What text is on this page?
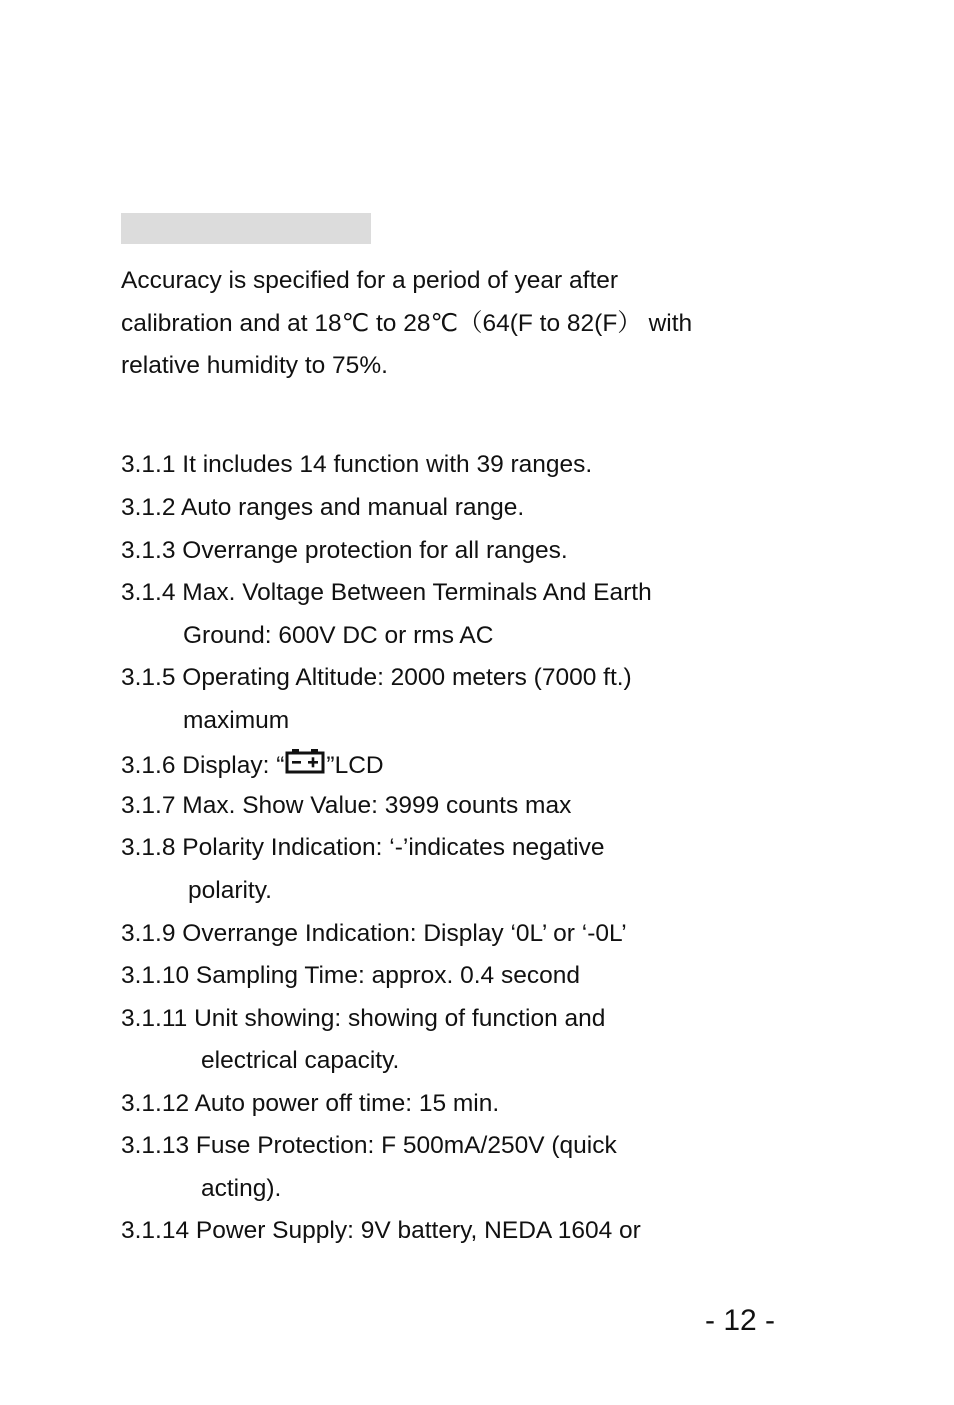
Accuracy is specified for a period of year after
calibration and at 18℃ to 28℃（64(F to 82(F） with
relative humidity to 75%.
3.1.1 It includes 14 function with 39 ranges.
3.1.2 Auto ranges and manual range.
3.1.3 Overrange protection for all ranges.
3.1.4 Max. Voltage Between Terminals And Earth
Ground: 600V DC or rms AC
3.1.5 Operating Altitude: 2000 meters (7000 ft.)
maximum
3.1.6 Display: “ ”LCD
3.1.7 Max. Show Value: 3999 counts max
3.1.8 Polarity Indication: ‘-’indicates negative
polarity.
3.1.9 Overrange Indication: Display ‘0L’ or ‘-0L’
3.1.10 Sampling Time: approx. 0.4 second
3.1.11 Unit showing: showing of function and
electrical capacity.
3.1.12 Auto power off time: 15 min.
3.1.13 Fuse Protection: F 500mA/250V (quick
acting).
3.1.14 Power Supply: 9V battery, NEDA 1604 or
- 12 -
